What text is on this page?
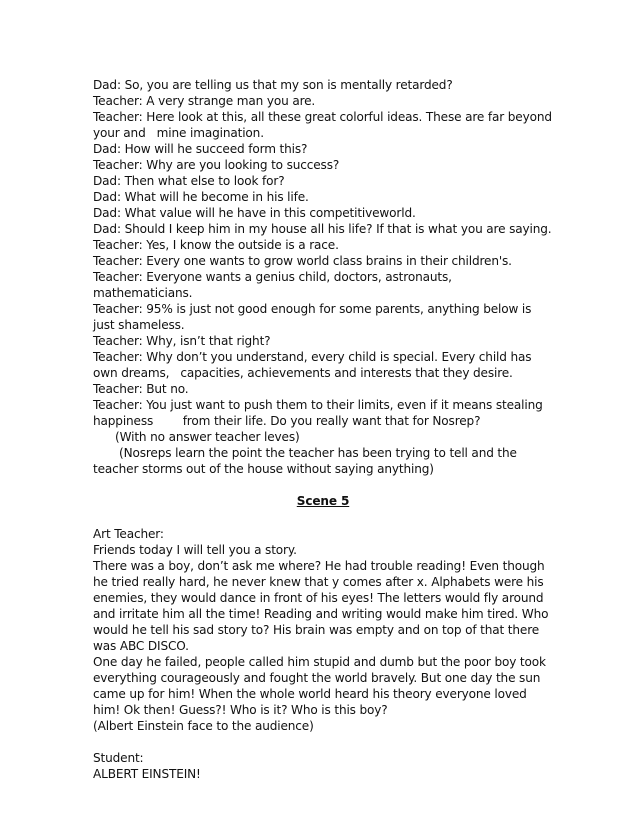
Dad: So, you are telling us that my son is mentally retarded?

Teacher: A very strange man you are.

Teacher: Here look at this, all these great colorful ideas. These are far beyond your and   mine imagination.

Dad: How will he succeed form this?

Teacher: Why are you looking to success?

Dad: Then what else to look for?

Dad: What will he become in his life.

Dad: What value will he have in this competitiveworld.

Dad: Should I keep him in my house all his life? If that is what you are saying.

Teacher: Yes, I know the outside is a race.

Teacher: Every one wants to grow world class brains in their children's.

Teacher: Everyone wants a genius child, doctors, astronauts, mathematicians.

Teacher: 95% is just not good enough for some parents, anything below is just shameless.

Teacher: Why, isn’t that right?

Teacher: Why don’t you understand, every child is special. Every child has own dreams,   capacities, achievements and interests that they desire.

Teacher: But no.

Teacher: You just want to push them to their limits, even if it means stealing happiness        from their life. Do you really want that for Nosrep?

(With no answer teacher leves)

(Nosreps learn the point the teacher has been trying to tell and the teacher storms out of the house without saying anything)

Scene 5

Art Teacher:

Friends today I will tell you a story.

There was a boy, don’t ask me where? He had trouble reading! Even though he tried really hard, he never knew that y comes after x. Alphabets were his enemies, they would dance in front of his eyes! The letters would fly around and irritate him all the time! Reading and writing would make him tired. Who would he tell his sad story to? His brain was empty and on top of that there was ABC DISCO.

One day he failed, people called him stupid and dumb but the poor boy took everything courageously and fought the world bravely. But one day the sun came up for him! When the whole world heard his theory everyone loved him! Ok then! Guess?! Who is it? Who is this boy?

(Albert Einstein face to the audience)

Student:

ALBERT EINSTEIN!
